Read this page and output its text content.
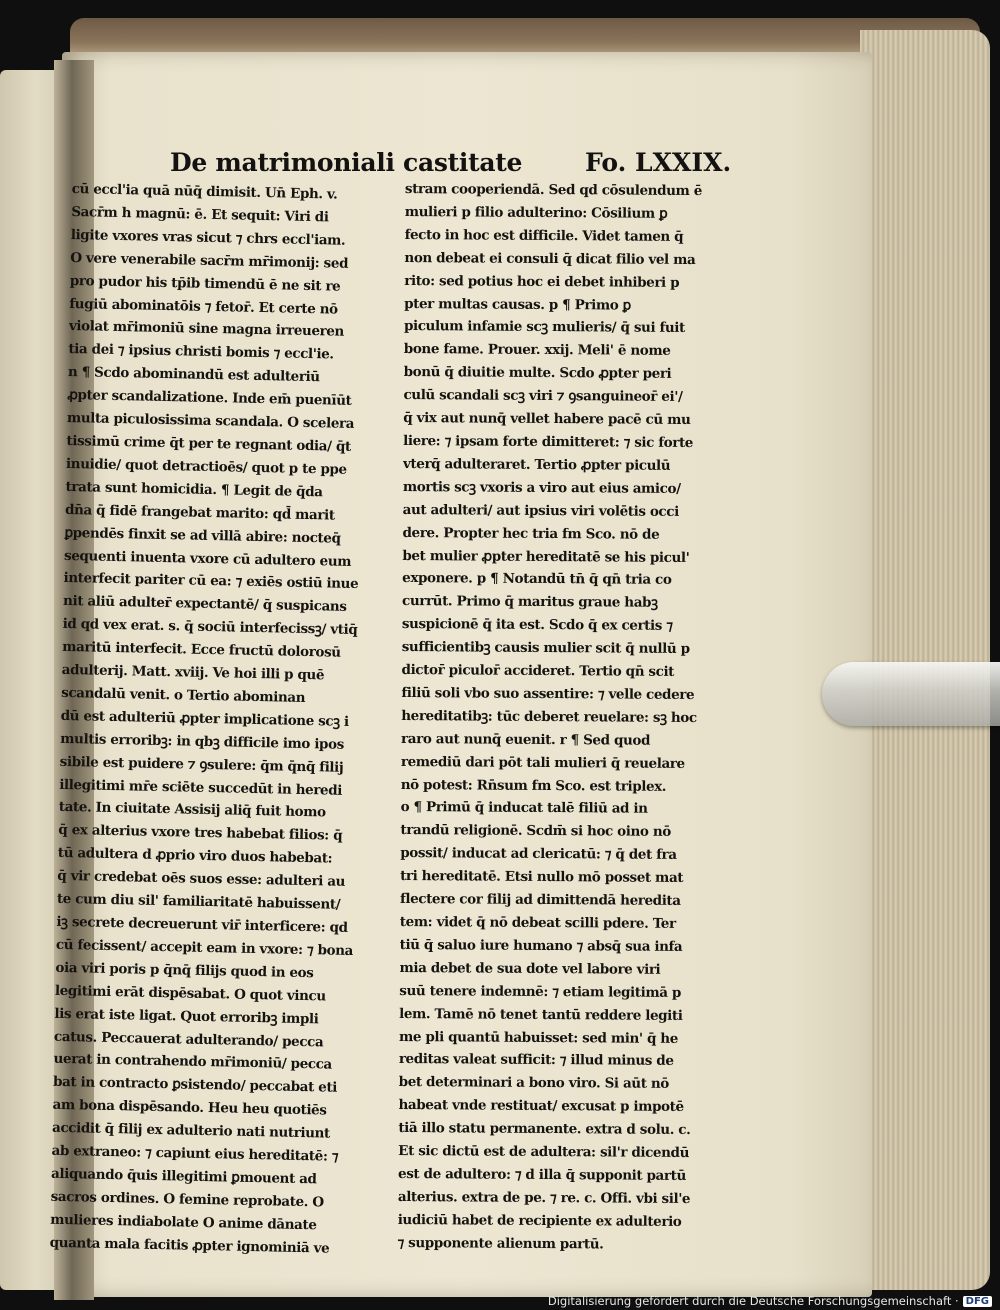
De matrimoniali castitate	Fo. LXXIX.
cū eccl'ia quā nūq̄ dimisit. Un̄ Eph. v.
Sacr̄m h magnū: ē. Et sequit: Viri di
ligite vxores vras sicut ⁊ chrs eccl'iam.
O vere venerabile sacr̄m mr̄imonij: sed
pro pudor his tp̄ib timendū ē ne sit re
fugiū abominatōis ⁊ fetor̄. Et certe nō
violat mr̄imoniū sine magna irreueren
tia dei ⁊ ipsius christi bomis ⁊ eccl'ie.
n ¶ Scdo abominandū est adulteriū
ꝓpter scandalizatione. Inde em̄ puenīūt
multa piculosissima scandala. O scelera
tissimū crime q̄t per te regnant odia/ q̄t
inuidie/ quot detractioēs/ quot p te ppe
trata sunt homicidia. ¶ Legit de q̄da
dn̄a q̄ fidē frangebat marito: qd̄ marit
ꝑpendēs finxit se ad villā abire: nocteq̄
sequenti inuenta vxore cū adultero eum
interfecit pariter cū ea: ⁊ exiēs ostiū inue
nit aliū adulter̄ expectantē/ q̄ suspicans
id qd vex erat. s. q̄ sociū interfecissꝫ/ vtiq̄
maritū interfecit. Ecce fructū dolorosū
adulterij. Matt. xviij. Ve hoi illi p quē
scandalū venit. o Tertio abominan
dū est adulteriū ꝓpter implicatione scꝫ i
multis erroribꝫ: in qbꝫ difficile imo ipos
sibile est puidere ⁊ ꝯsulere: q̄m q̄nq̄ filij
illegitimi mr̄e sciēte succedūt in heredi
tate. In ciuitate Assisij aliq̄ fuit homo
q̄ ex alterius vxore tres habebat filios: q̄
tū adultera d ꝓprio viro duos habebat:
q̄ vir credebat oēs suos esse: adulteri au
te cum diu sil' familiaritatē habuissent/
iꝫ secrete decreuerunt vir̄ interficere: qd
cū fecissent/ accepit eam in vxore: ⁊ bona
oia viri poris p q̄nq̄ filijs quod in eos
legitimi erāt dispēsabat. O quot vincu
lis erat iste ligat. Quot erroribꝫ impli
catus. Peccauerat adulterando/ pecca
uerat in contrahendo mr̄imoniū/ pecca
bat in contracto ꝑsistendo/ peccabat eti
am bona dispēsando. Heu heu quotiēs
accidit q̄ filij ex adulterio nati nutriunt
ab extraneo: ⁊ capiunt eius hereditatē: ⁊
aliquando q̄uis illegitimi ꝑmouent ad
sacros ordines. O femine reprobate. O
mulieres indiabolate O anime dānate
quanta mala facitis ꝓpter ignominiā ve
stram cooperiendā. Sed qd cōsulendum ē
mulieri p filio adulterino: Cōsilium ꝑ
fecto in hoc est difficile. Videt tamen q̄
non debeat ei consuli q̄ dicat filio vel ma
rito: sed potius hoc ei debet inhiberi p
pter multas causas. p ¶ Primo ꝑ
piculum infamie scꝫ mulieris/ q̄ sui fuit
bone fame. Prouer. xxij. Meli' ē nome
bonū q̄ diuitie multe. Scdo ꝓpter peri
culū scandali scꝫ viri ⁊ ꝯsanguineor̄ ei'/
q̄ vix aut nunq̄ vellet habere pacē cū mu
liere: ⁊ ipsam forte dimitteret: ⁊ sic forte
vterq̄ adulteraret. Tertio ꝓpter piculū
mortis scꝫ vxoris a viro aut eius amico/
aut adulteri/ aut ipsius viri volētis occi
dere. Propter hec tria fm Sco. nō de
bet mulier ꝓpter hereditatē se his picul'
exponere. p ¶ Notandū tn̄ q̄ qn̄ tria co
currūt. Primo q̄ maritus graue habꝫ
suspicionē q̄ ita est. Scdo q̄ ex certis ⁊
sufficientibꝫ causis mulier scit q̄ nullū p
dictor̄ piculor̄ accideret. Tertio qn̄ scit
filiū soli vbo suo assentire: ⁊ velle cedere
hereditatibꝫ: tūc deberet reuelare: sꝫ hoc
raro aut nunq̄ euenit. r ¶ Sed quod
remediū dari pōt tali mulieri q̄ reuelare
nō potest: Rn̄sum fm Sco. est triplex.
o ¶ Primū q̄ inducat talē filiū ad in
trandū religionē. Scdm̄ si hoc oino nō
possit/ inducat ad clericatū: ⁊ q̄ det fra
tri hereditatē. Etsi nullo mō posset mat
flectere cor filij ad dimittendā heredita
tem: videt q̄ nō debeat scilli pdere. Ter
tiū q̄ saluo iure humano ⁊ absq̄ sua infa
mia debet de sua dote vel labore viri
suū tenere indemnē: ⁊ etiam legitimā p
lem. Tamē nō tenet tantū reddere legiti
me pli quantū habuisset: sed min' q̄ he
reditas valeat sufficit: ⁊ illud minus de
bet determinari a bono viro. Si aūt nō
habeat vnde restituat/ excusat p impotē
tiā illo statu permanente. extra d solu. c.
Et sic dictū est de adultera: sil'r dicendū
est de adultero: ⁊ d illa q̄ supponit partū
alterius. extra de pe. ⁊ re. c. Offi. vbi sil'e
iudiciū habet de recipiente ex adulterio
⁊ supponente alienum partū.
Digitalisierung gefördert durch die Deutsche Forschungsgemeinschaft · DFG
